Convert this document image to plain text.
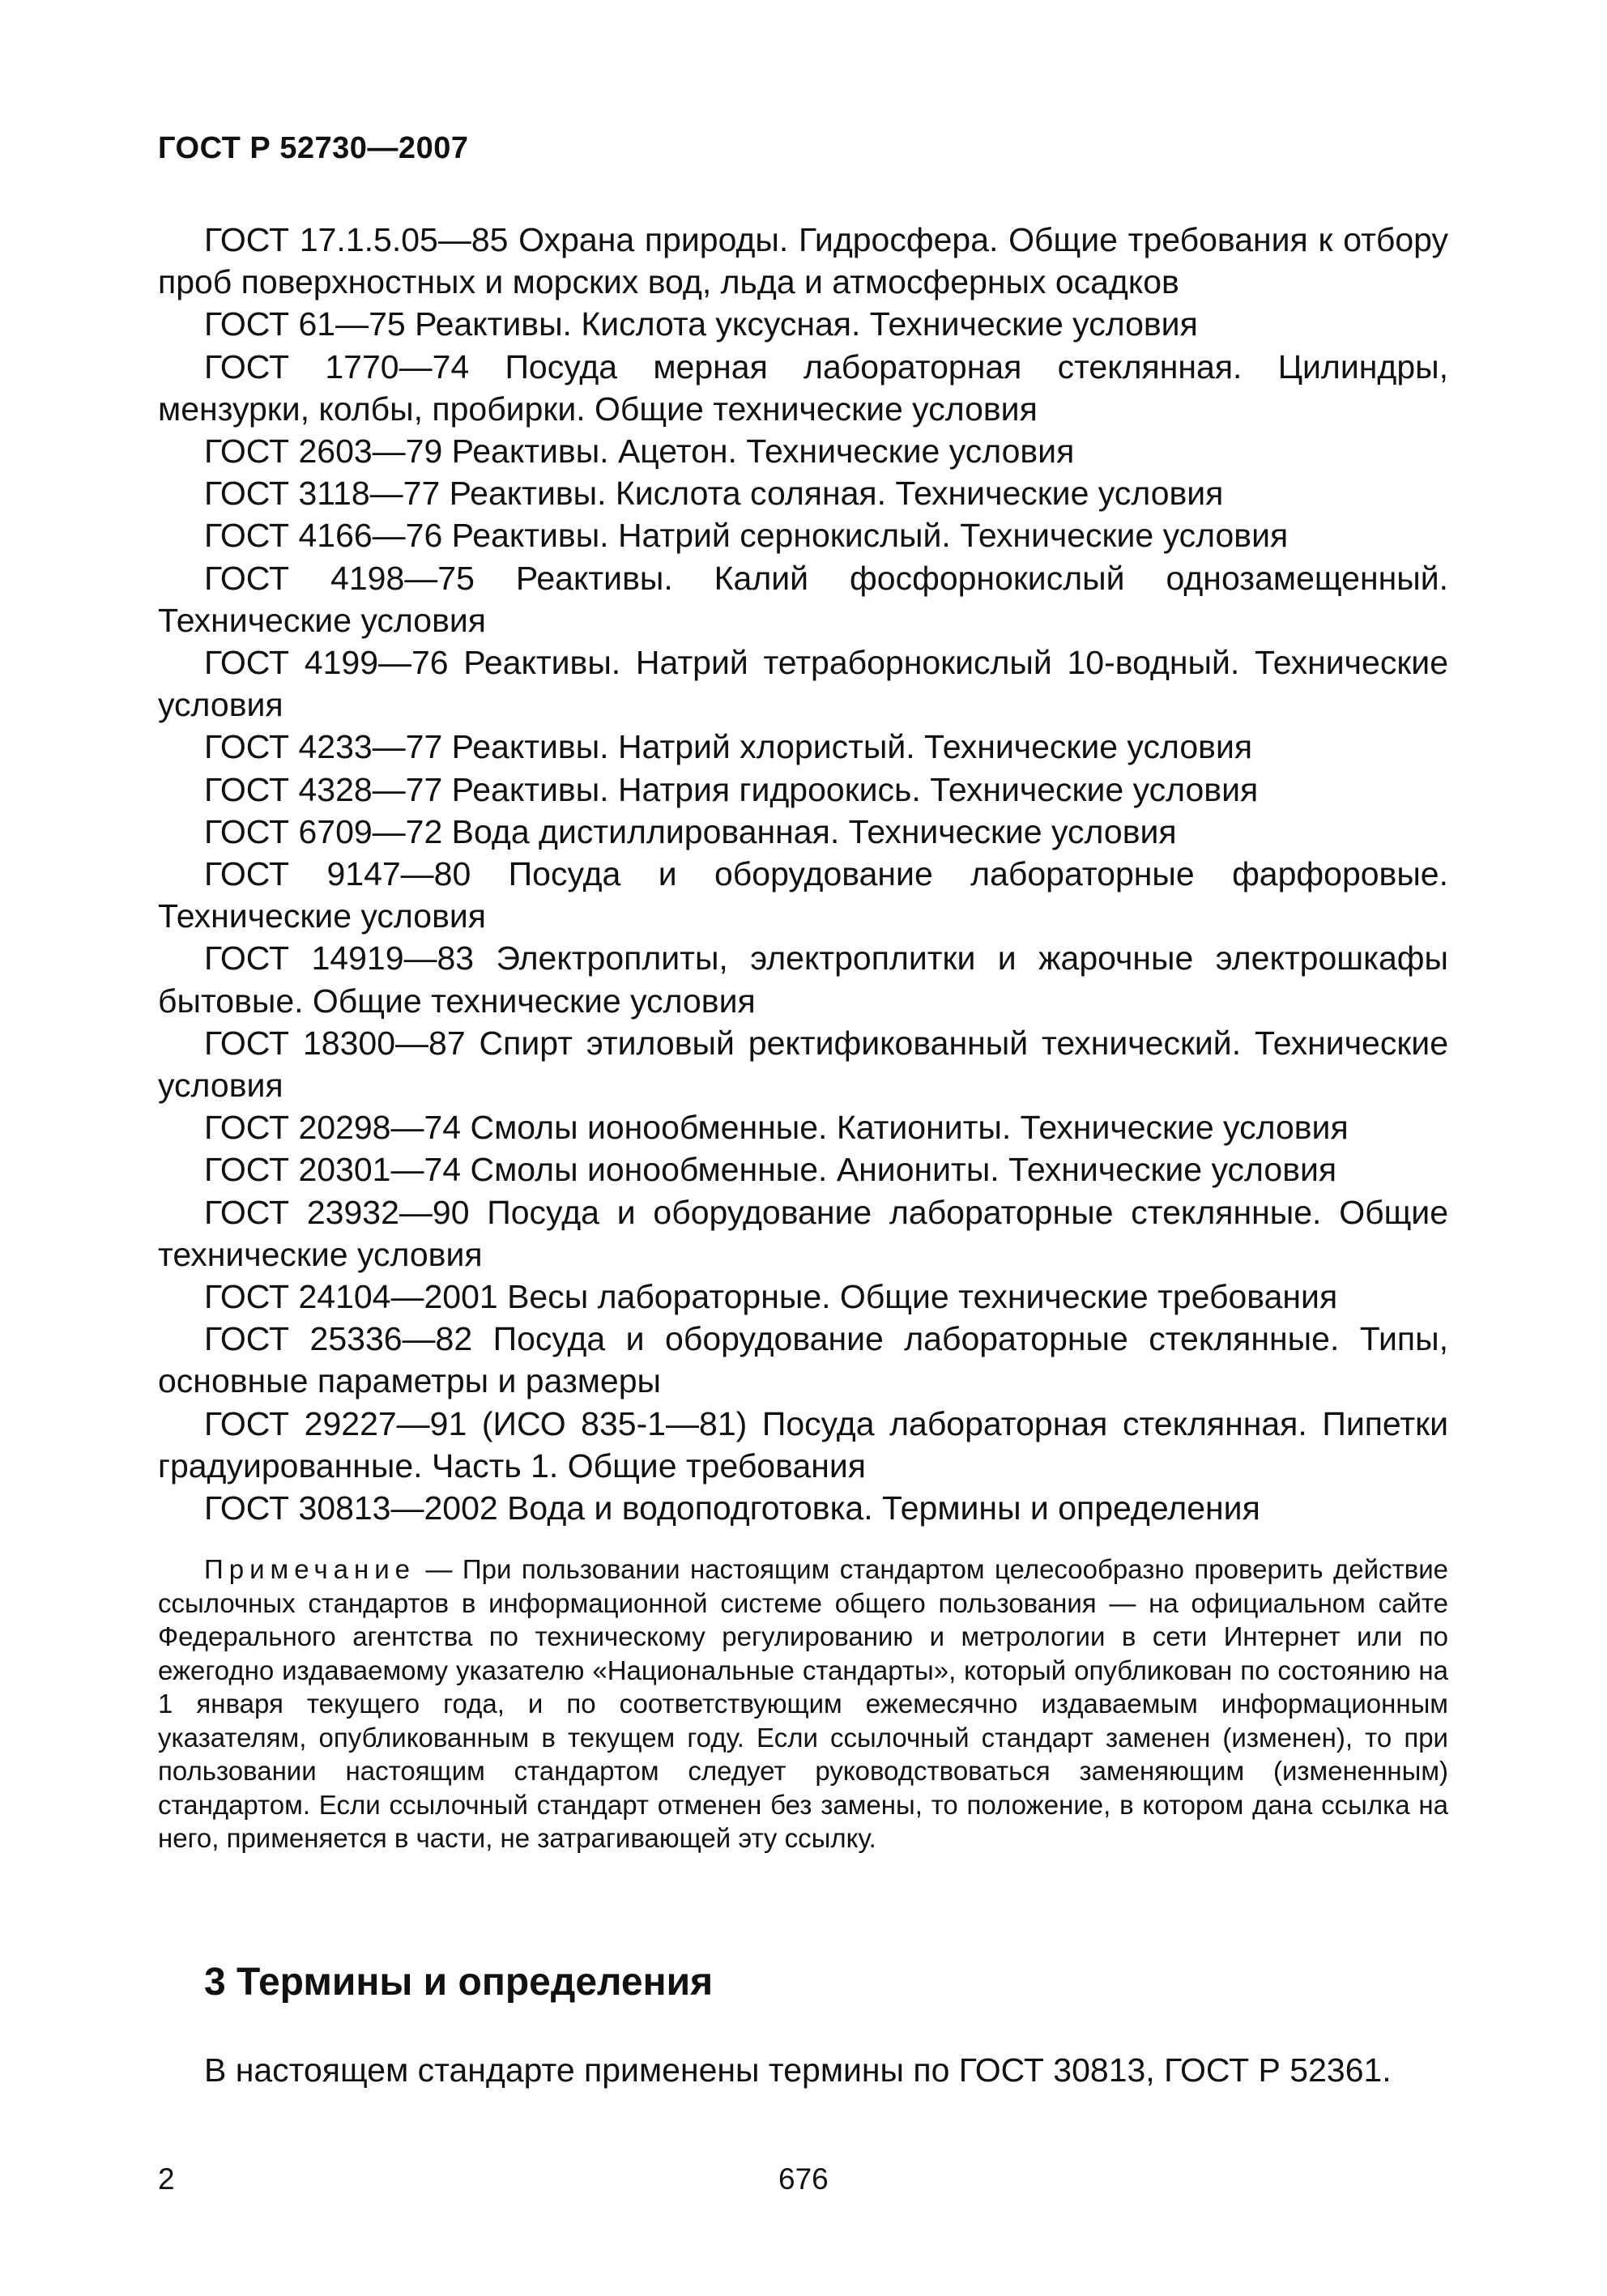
ГОСТ Р 52730—2007

ГОСТ 17.1.5.05—85 Охрана природы. Гидросфера. Общие требования к отбору проб поверхностных и морских вод, льда и атмосферных осадков

ГОСТ 61—75 Реактивы. Кислота уксусная. Технические условия

ГОСТ 1770—74 Посуда мерная лабораторная стеклянная. Цилиндры, мензурки, колбы, пробирки. Общие технические условия

ГОСТ 2603—79 Реактивы. Ацетон. Технические условия

ГОСТ 3118—77 Реактивы. Кислота соляная. Технические условия

ГОСТ 4166—76 Реактивы. Натрий сернокислый. Технические условия

ГОСТ 4198—75 Реактивы. Калий фосфорнокислый однозамещенный. Технические условия

ГОСТ 4199—76 Реактивы. Натрий тетраборнокислый 10-водный. Технические условия

ГОСТ 4233—77 Реактивы. Натрий хлористый. Технические условия

ГОСТ 4328—77 Реактивы. Натрия гидроокись. Технические условия

ГОСТ 6709—72 Вода дистиллированная. Технические условия

ГОСТ 9147—80 Посуда и оборудование лабораторные фарфоровые. Технические условия

ГОСТ 14919—83 Электроплиты, электроплитки и жарочные электрошкафы бытовые. Общие технические условия

ГОСТ 18300—87 Спирт этиловый ректификованный технический. Технические условия

ГОСТ 20298—74 Смолы ионообменные. Катиониты. Технические условия

ГОСТ 20301—74 Смолы ионообменные. Аниониты. Технические условия

ГОСТ 23932—90 Посуда и оборудование лабораторные стеклянные. Общие технические условия

ГОСТ 24104—2001 Весы лабораторные. Общие технические требования

ГОСТ 25336—82 Посуда и оборудование лабораторные стеклянные. Типы, основные параметры и размеры

ГОСТ 29227—91 (ИСО 835-1—81) Посуда лабораторная стеклянная. Пипетки градуированные. Часть 1. Общие требования

ГОСТ 30813—2002 Вода и водоподготовка. Термины и определения

Примечание — При пользовании настоящим стандартом целесообразно проверить действие ссылочных стандартов в информационной системе общего пользования — на официальном сайте Федерального агентства по техническому регулированию и метрологии в сети Интернет или по ежегодно издаваемому указателю «Национальные стандарты», который опубликован по состоянию на 1 января текущего года, и по соответствующим ежемесячно издаваемым информационным указателям, опубликованным в текущем году. Если ссылочный стандарт заменен (изменен), то при пользовании настоящим стандартом следует руководствоваться заменяющим (измененным) стандартом. Если ссылочный стандарт отменен без замены, то положение, в котором дана ссылка на него, применяется в части, не затрагивающей эту ссылку.

3 Термины и определения
В настоящем стандарте применены термины по ГОСТ 30813, ГОСТ Р 52361.
2	676
